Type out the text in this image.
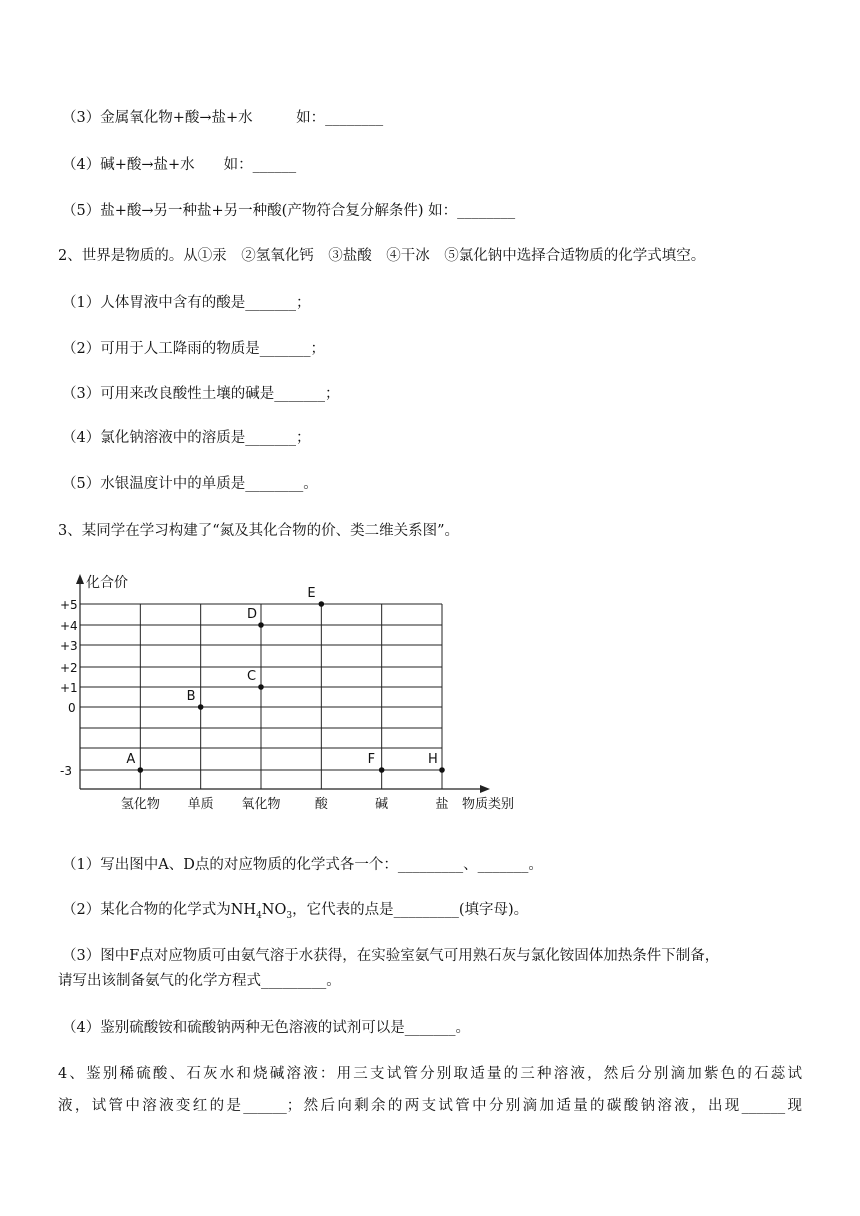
（3）金属氧化物+酸→盐+水　　　如：________
（4）碱+酸→盐+水　　如：______
（5）盐+酸→另一种盐+另一种酸(产物符合复分解条件) 如：________
2、世界是物质的。从①汞　②氢氧化钙　③盐酸　④干冰　⑤氯化钠中选择合适物质的化学式填空。
（1）人体胃液中含有的酸是_______；
（2）可用于人工降雨的物质是_______；
（3）可用来改良酸性土壤的碱是_______；
（4）氯化钠溶液中的溶质是_______；
（5）水银温度计中的单质是________。
3、某同学在学习构建了“氮及其化合物的价、类二维关系图”。
化合价
物质类别
+5
+4
+3
+2
+1
0
-3
氢化物 单质 氧化物	酸	碱	盐
A
B
C
D
E
F	H
（1）写出图中A、D点的对应物质的化学式各一个：_________、_______。
（2）某化合物的化学式为$NH_4NO_3$，它代表的点是_________(填字母)。
（3）图中F点对应物质可由氨气溶于水获得，在实验室氨气可用熟石灰与氯化铵固体加热条件下制备，
请写出该制备氨气的化学方程式_________。
（4）鉴别硫酸铵和硫酸钠两种无色溶液的试剂可以是_______。
4、鉴别稀硫酸、石灰水和烧碱溶液：用三支试管分别取适量的三种溶液，然后分别滴加紫色的石蕊试
液，试管中溶液变红的是______；然后向剩余的两支试管中分别滴加适量的碳酸钠溶液，出现______现
